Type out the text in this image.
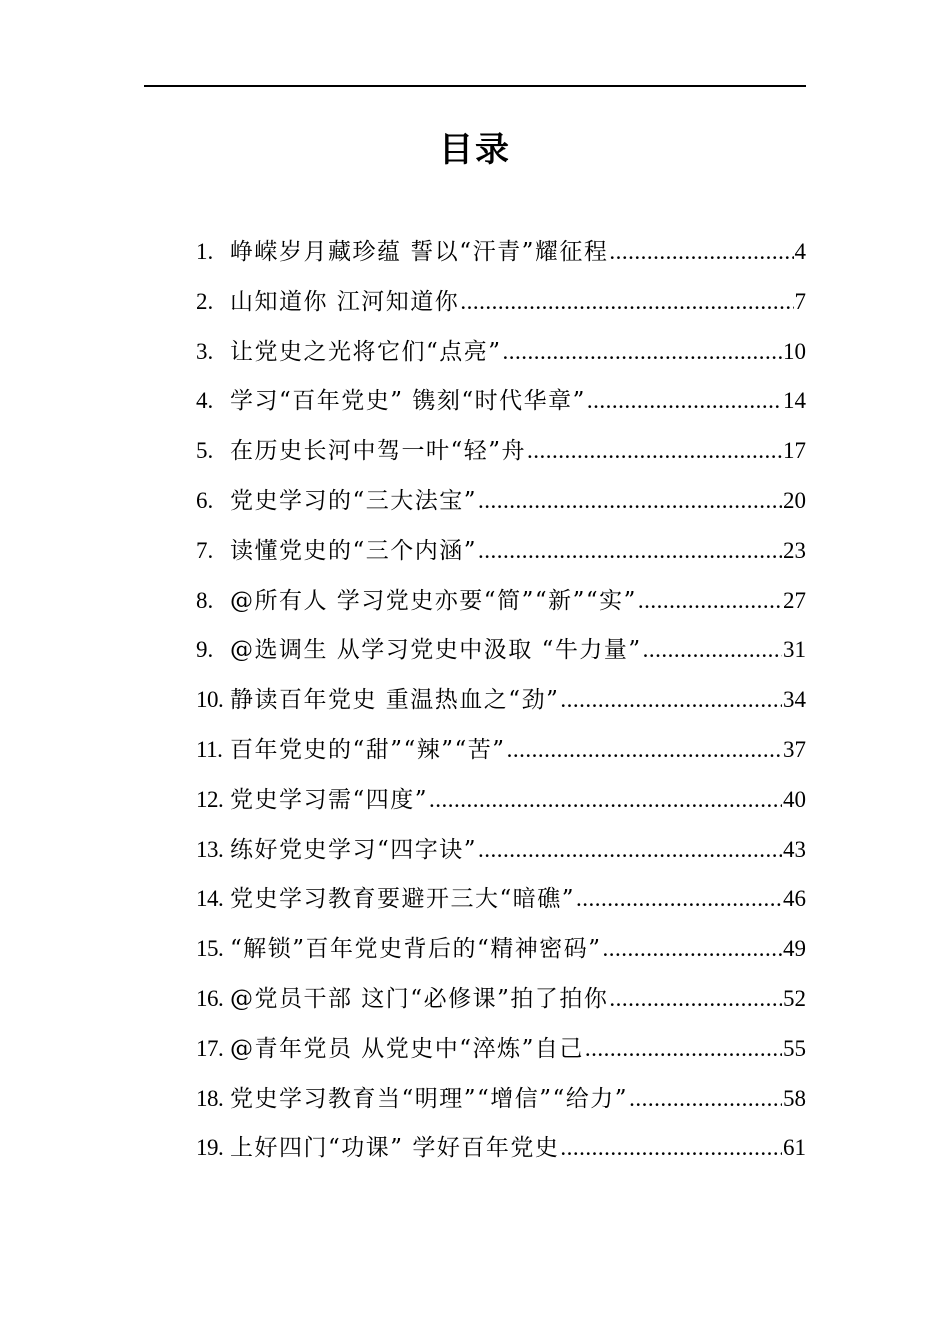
目录
1. 峥嵘岁月藏珍蕴 誓以“汗青”耀征程 .....	4
2. 山知道你 江河知道你 .....	7
3. 让党史之光将它们“点亮” .....	10
4. 学习“百年党史” 镌刻“时代华章” .....	14
5. 在历史长河中驾一叶“轻”舟 .....	17
6. 党史学习的“三大法宝” .....	20
7. 读懂党史的“三个内涵” .....	23
8. @所有人 学习党史亦要“简”“新”“实” .....	27
9. @选调生 从学习党史中汲取 “牛力量” .....	31
10. 静读百年党史 重温热血之“劲” .....	34
11. 百年党史的“甜”“辣”“苦” .....	37
12. 党史学习需“四度” .....	40
13. 练好党史学习“四字诀” .....	43
14. 党史学习教育要避开三大“暗礁” .....	46
15. “解锁”百年党史背后的“精神密码” .....	49
16. @党员干部 这门“必修课”拍了拍你 .....	52
17. @青年党员 从党史中“淬炼”自己 .....	55
18. 党史学习教育当“明理”“增信”“给力” .....	58
19. 上好四门“功课” 学好百年党史 .....	61
